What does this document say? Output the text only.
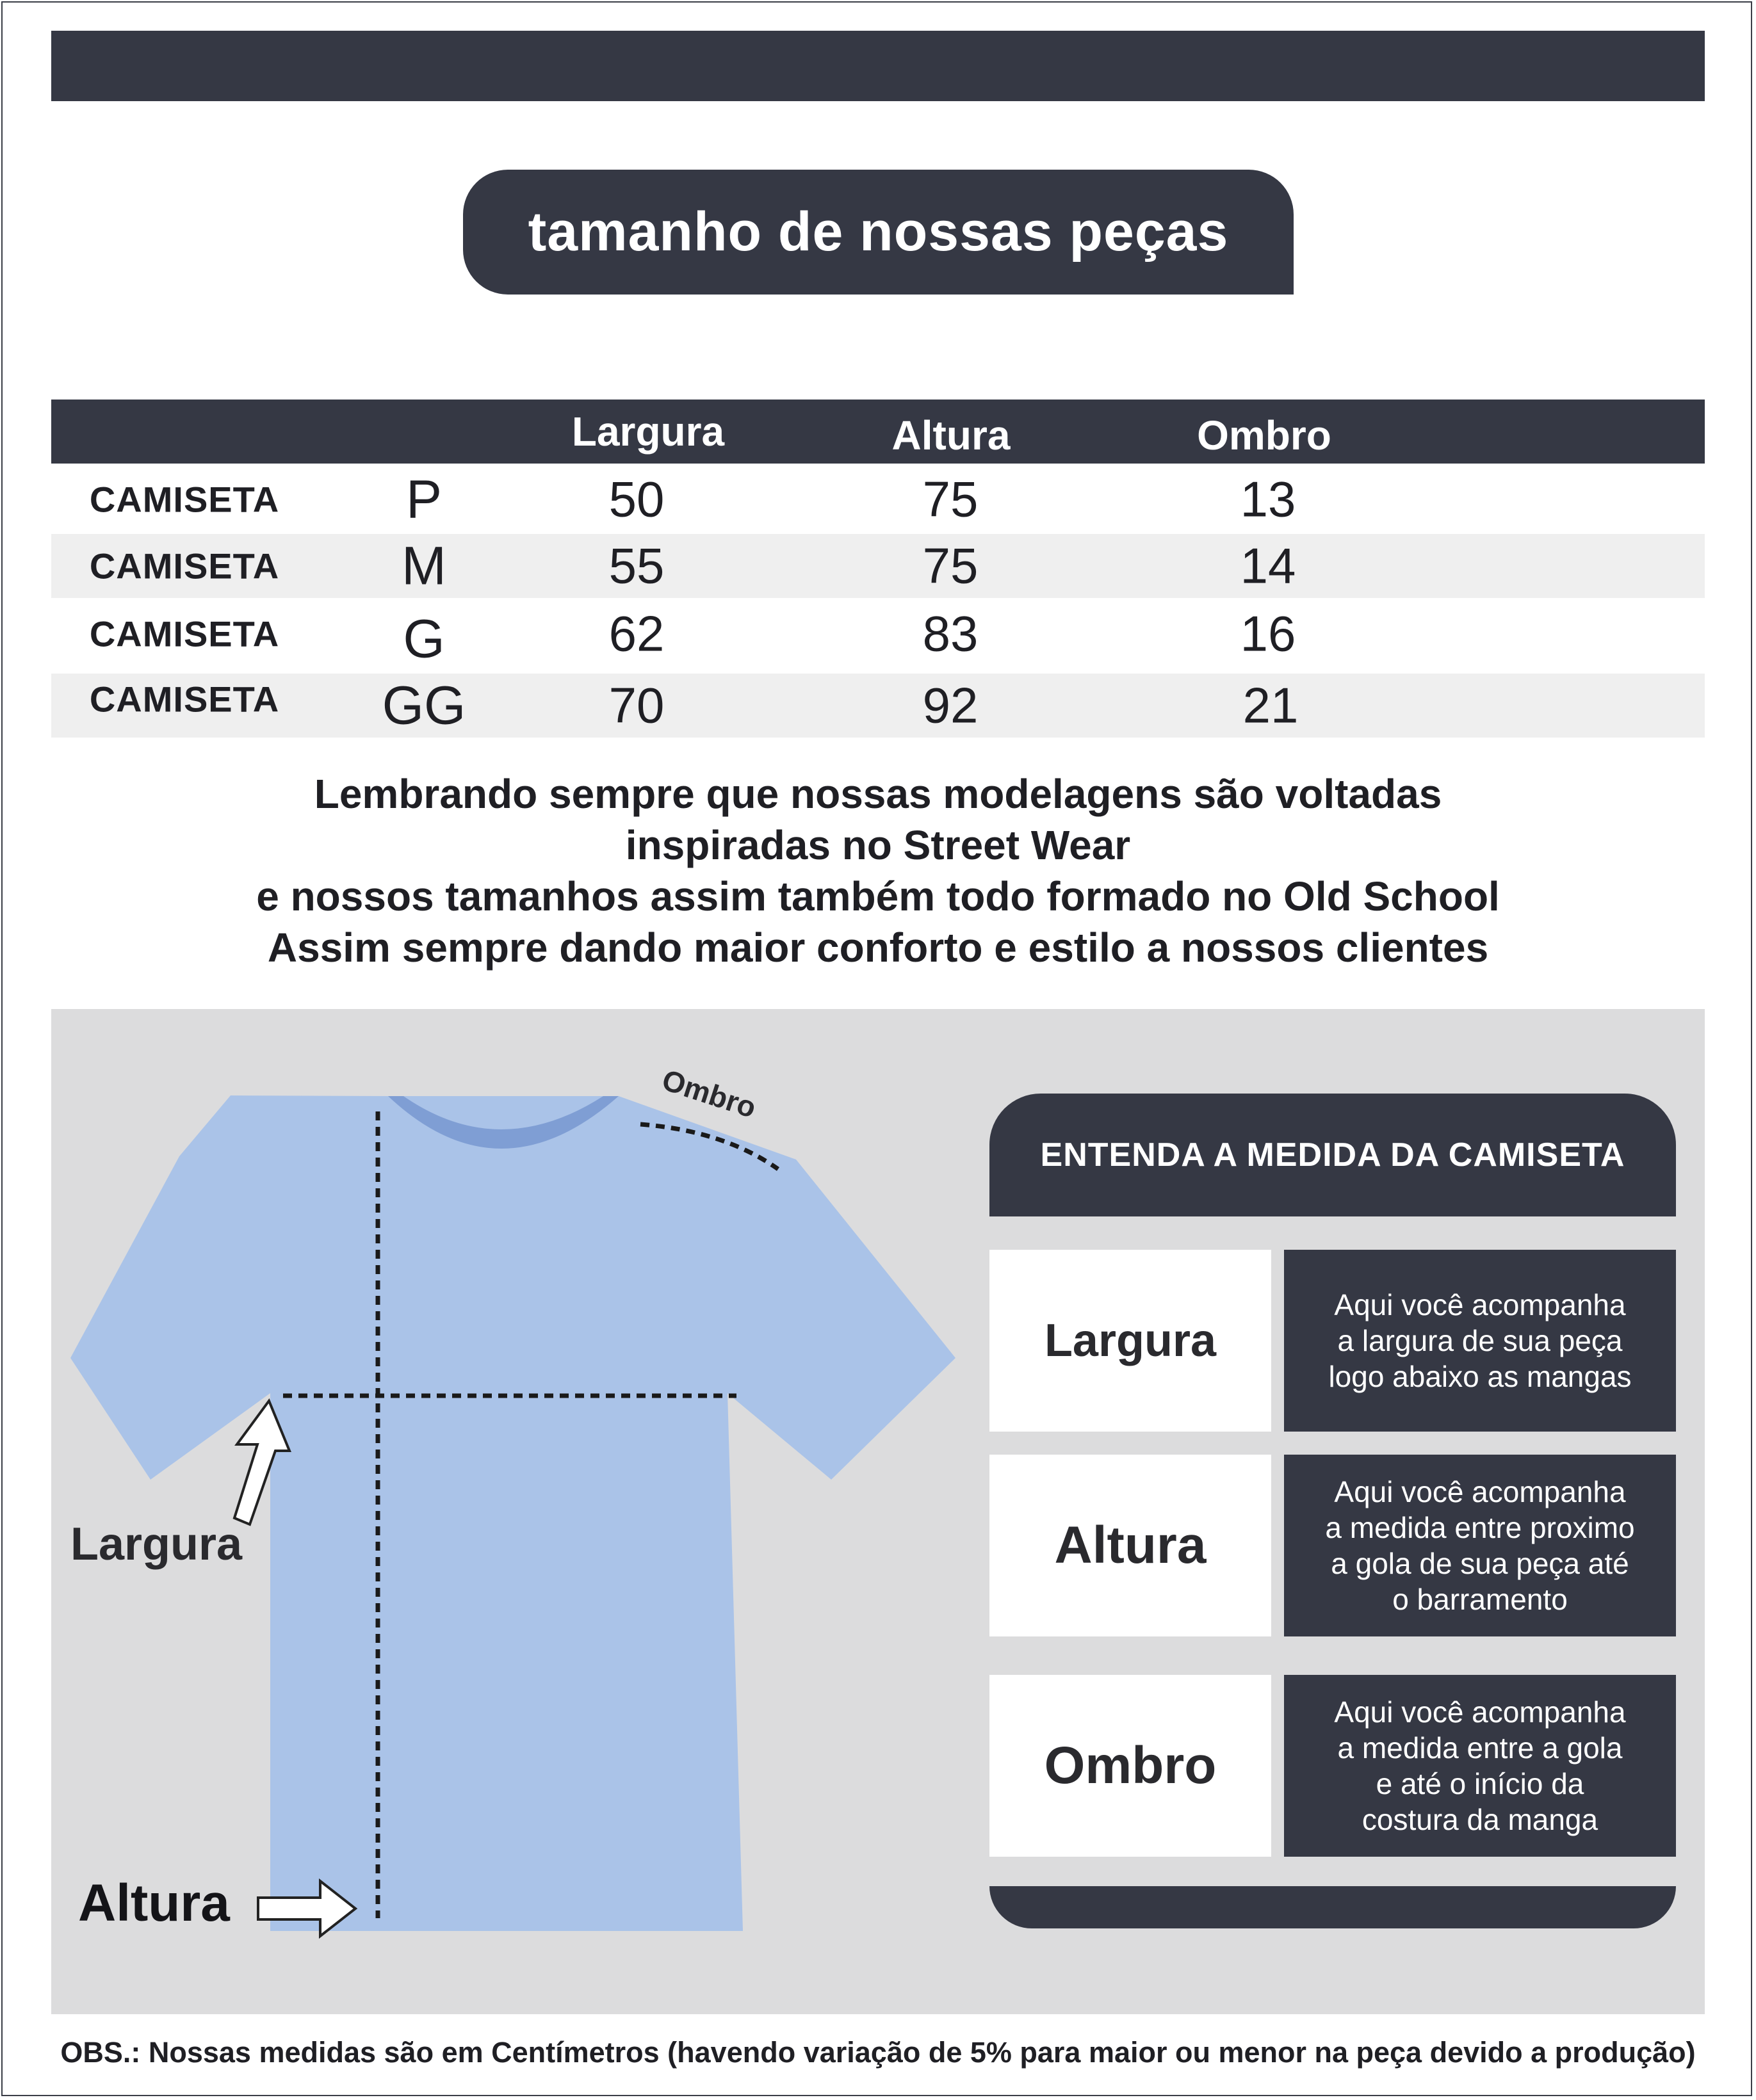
tamanho de nossas peças
Largura	Altura	Ombro
CAMISETA P	50	75	13
CAMISETA M	55	75	14
CAMISETA G	62	83	16
CAMISETA GG	70	92	21
Lembrando sempre que nossas modelagens são voltadas
inspiradas no Street Wear
e nossos tamanhos assim também todo formado no Old School
Assim sempre dando maior conforto e estilo a nossos clientes
Ombro
Largura
Altura
ENTENDA A MEDIDA DA CAMISETA
Largura
Aqui você acompanha
a largura de sua peça
logo abaixo as mangas
Altura
Aqui você acompanha
a medida entre proximo
a gola de sua peça até
o barramento
Ombro
Aqui você acompanha
a medida entre a gola
e até o início da
costura da manga
OBS.: Nossas medidas são em Centímetros (havendo variação de 5% para maior ou menor na peça devido a produção)
